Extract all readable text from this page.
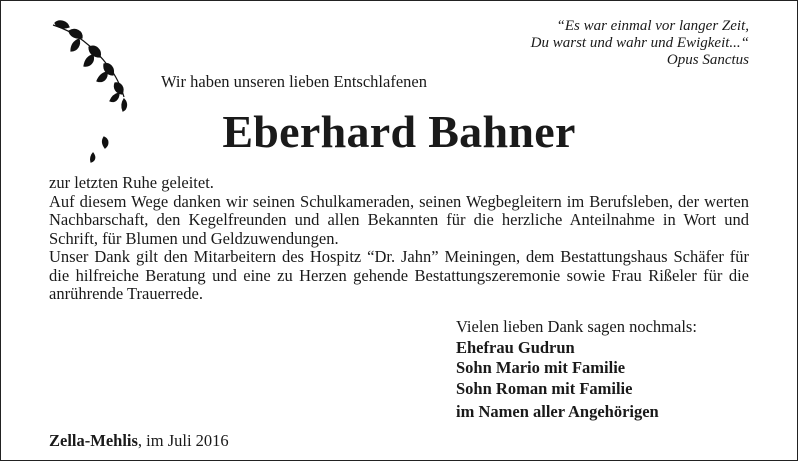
“Es war einmal vor langer Zeit,
Du warst und wahr und Ewigkeit...“
Opus Sanctus
Wir haben unseren lieben Entschlafenen
Eberhard Bahner

zur letzten Ruhe geleitet.

Auf diesem Wege danken wir seinen Schulkameraden, seinen Wegbegleitern im Berufsleben, der werten Nachbarschaft, den Kegelfreunden und allen Bekannten für die herzliche Anteilnahme in Wort und Schrift, für Blumen und Geldzuwendungen.

Unser Dank gilt den Mitarbeitern des Hospitz “Dr. Jahn” Meiningen, dem Bestattungshaus Schäfer für die hilfreiche Beratung und eine zu Herzen gehende Bestattungszeremonie sowie Frau Rißeler für die anrührende Trauerrede.

Vielen lieben Dank sagen nochmals:
Ehefrau Gudrun
Sohn Mario mit Familie
Sohn Roman mit Familie
im Namen aller Angehörigen
Zella-Mehlis, im Juli 2016
